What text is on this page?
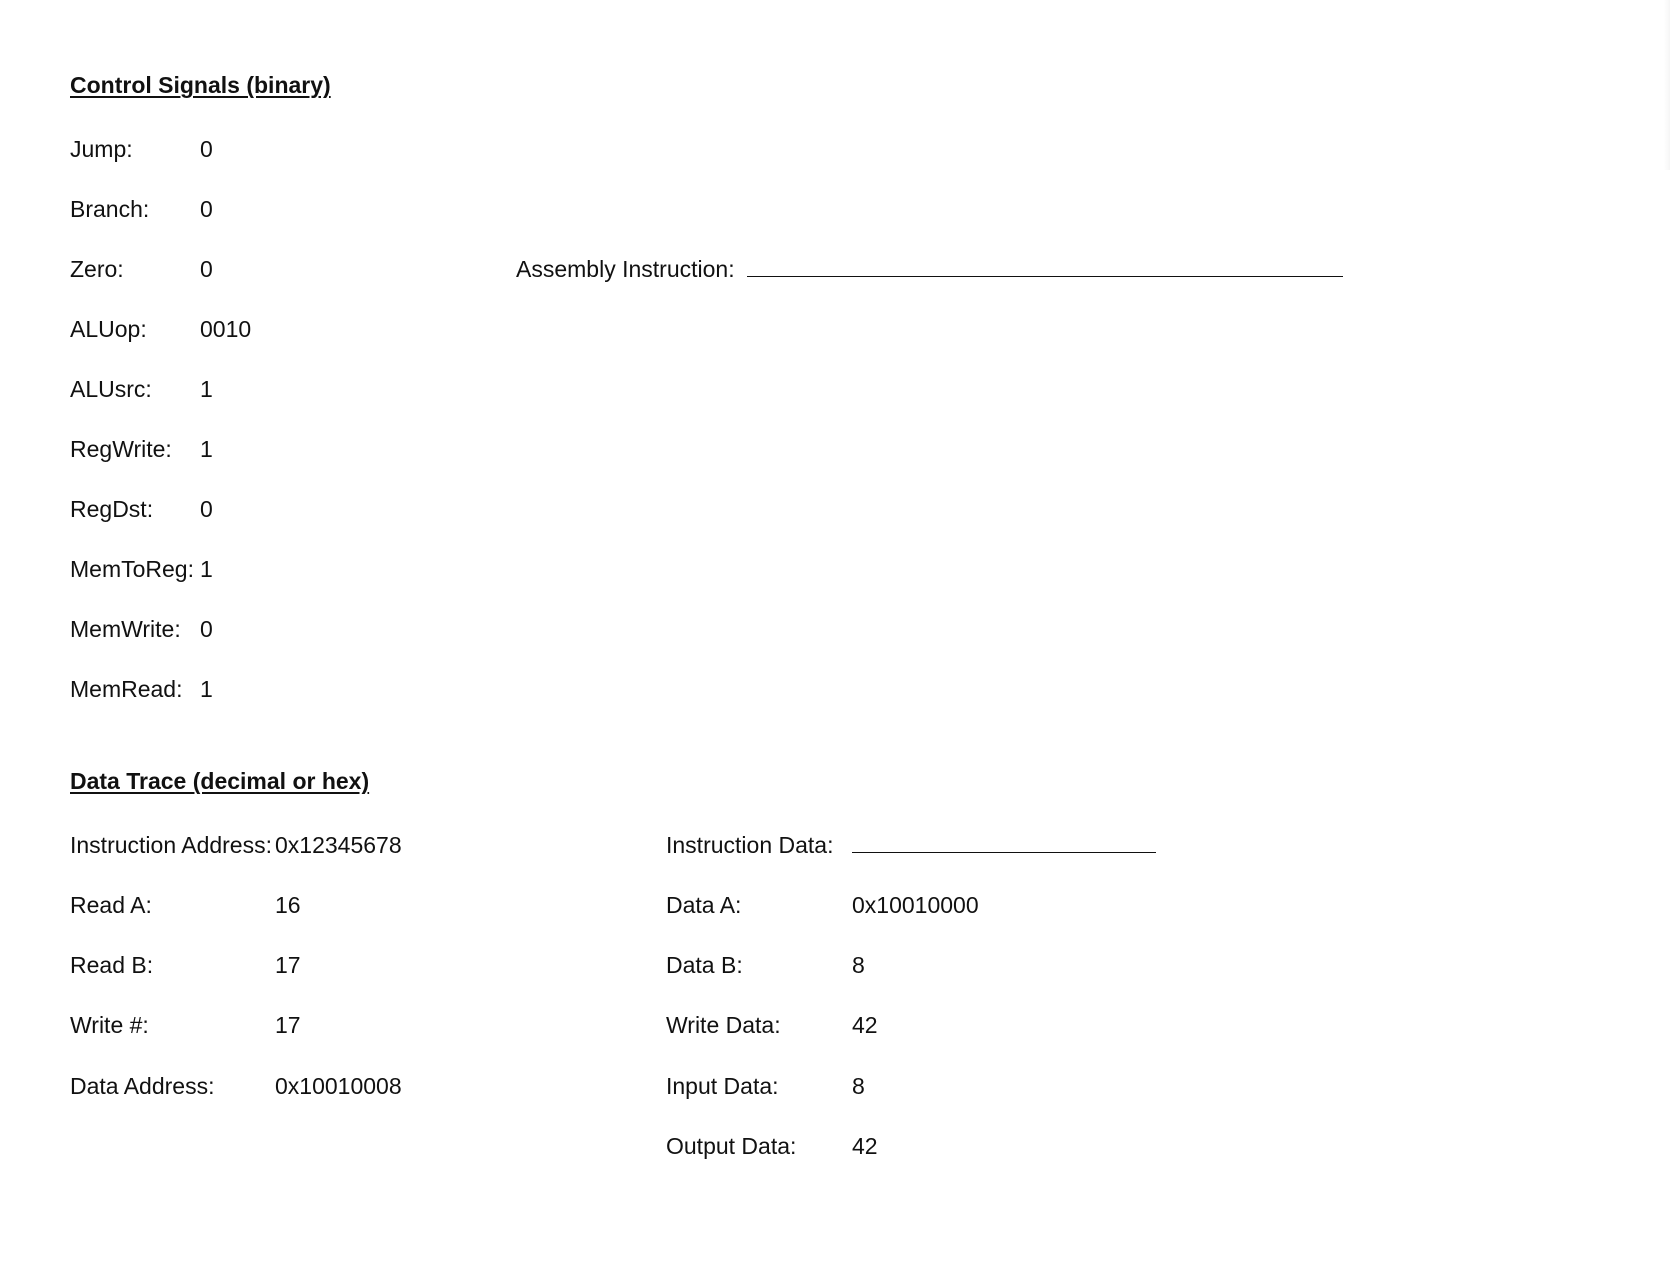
Control Signals (binary)
Jump:	0
Branch: 0
Zero:	0
ALUop: 0010
ALUsrc: 1
RegWrite: 1
RegDst: 0
MemToReg: 1
MemWrite: 0
MemRead: 1
Assembly Instruction:
Data Trace (decimal or hex)
Instruction Address: 0x12345678
Read A:	16
Read B:	17
Write #:	17
Data Address:	0x10010008
Instruction Data:
Data A:	0x10010000
Data B:	8
Write Data:	42
Input Data:	8
Output Data: 42
